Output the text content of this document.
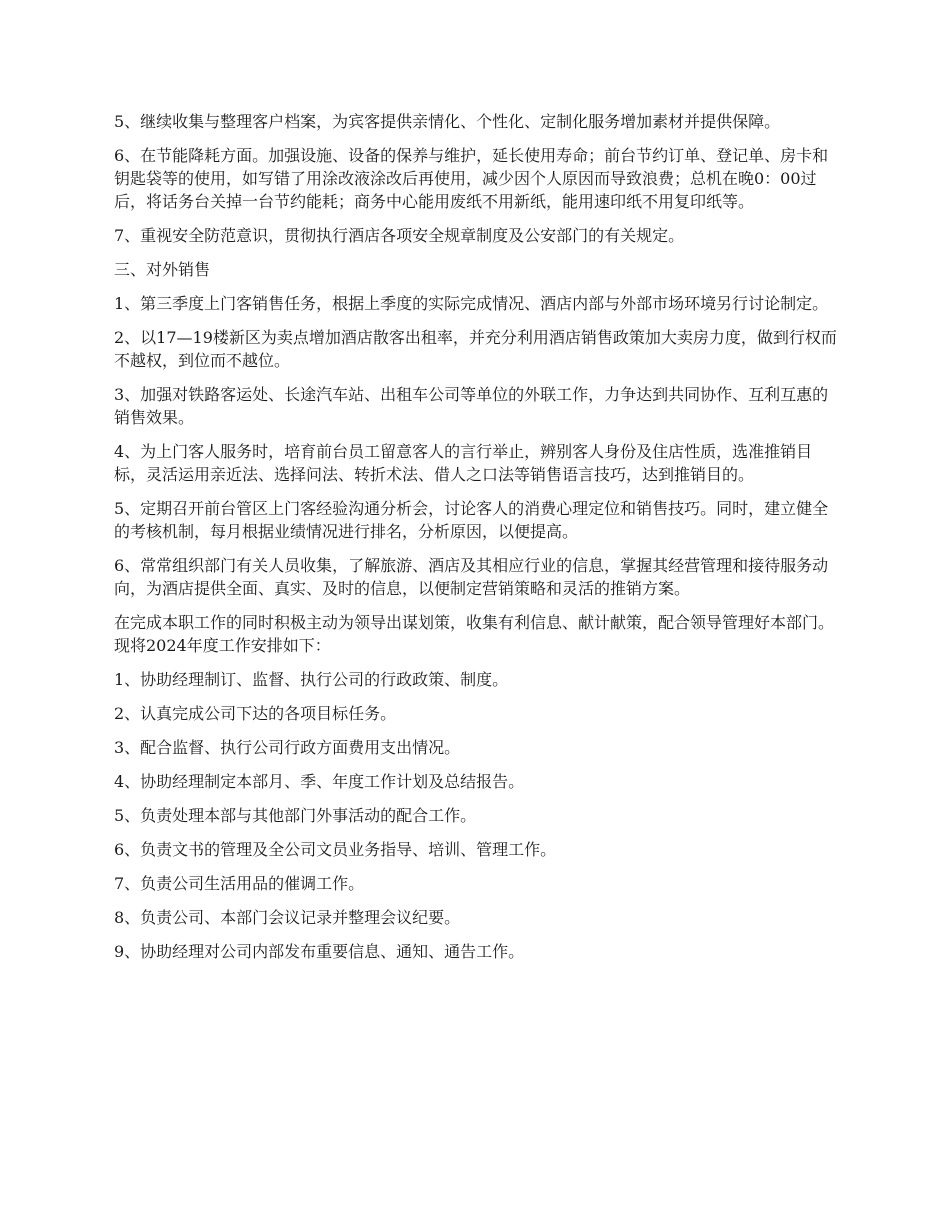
5、继续收集与整理客户档案，为宾客提供亲情化、个性化、定制化服务增加素材并提供保障。

6、在节能降耗方面。加强设施、设备的保养与维护，延长使用寿命；前台节约订单、登记单、房卡和钥匙袋等的使用，如写错了用涂改液涂改后再使用，减少因个人原因而导致浪费；总机在晚0：00过后，将话务台关掉一台节约能耗；商务中心能用废纸不用新纸，能用速印纸不用复印纸等。

7、重视安全防范意识，贯彻执行酒店各项安全规章制度及公安部门的有关规定。

三、对外销售

1、第三季度上门客销售任务，根据上季度的实际完成情况、酒店内部与外部市场环境另行讨论制定。

2、以17—19楼新区为卖点增加酒店散客出租率，并充分利用酒店销售政策加大卖房力度，做到行权而不越权，到位而不越位。

3、加强对铁路客运处、长途汽车站、出租车公司等单位的外联工作，力争达到共同协作、互利互惠的销售效果。

4、为上门客人服务时，培育前台员工留意客人的言行举止，辨别客人身份及住店性质，选准推销目标，灵活运用亲近法、选择问法、转折术法、借人之口法等销售语言技巧，达到推销目的。

5、定期召开前台管区上门客经验沟通分析会，讨论客人的消费心理定位和销售技巧。同时，建立健全的考核机制，每月根据业绩情况进行排名，分析原因，以便提高。

6、常常组织部门有关人员收集，了解旅游、酒店及其相应行业的信息，掌握其经营管理和接待服务动向，为酒店提供全面、真实、及时的信息，以便制定营销策略和灵活的推销方案。

在完成本职工作的同时积极主动为领导出谋划策，收集有利信息、献计献策，配合领导管理好本部门。现将2024年度工作安排如下：

1、协助经理制订、监督、执行公司的行政政策、制度。

2、认真完成公司下达的各项目标任务。

3、配合监督、执行公司行政方面费用支出情况。

4、协助经理制定本部月、季、年度工作计划及总结报告。

5、负责处理本部与其他部门外事活动的配合工作。

6、负责文书的管理及全公司文员业务指导、培训、管理工作。

7、负责公司生活用品的催调工作。

8、负责公司、本部门会议记录并整理会议纪要。

9、协助经理对公司内部发布重要信息、通知、通告工作。
